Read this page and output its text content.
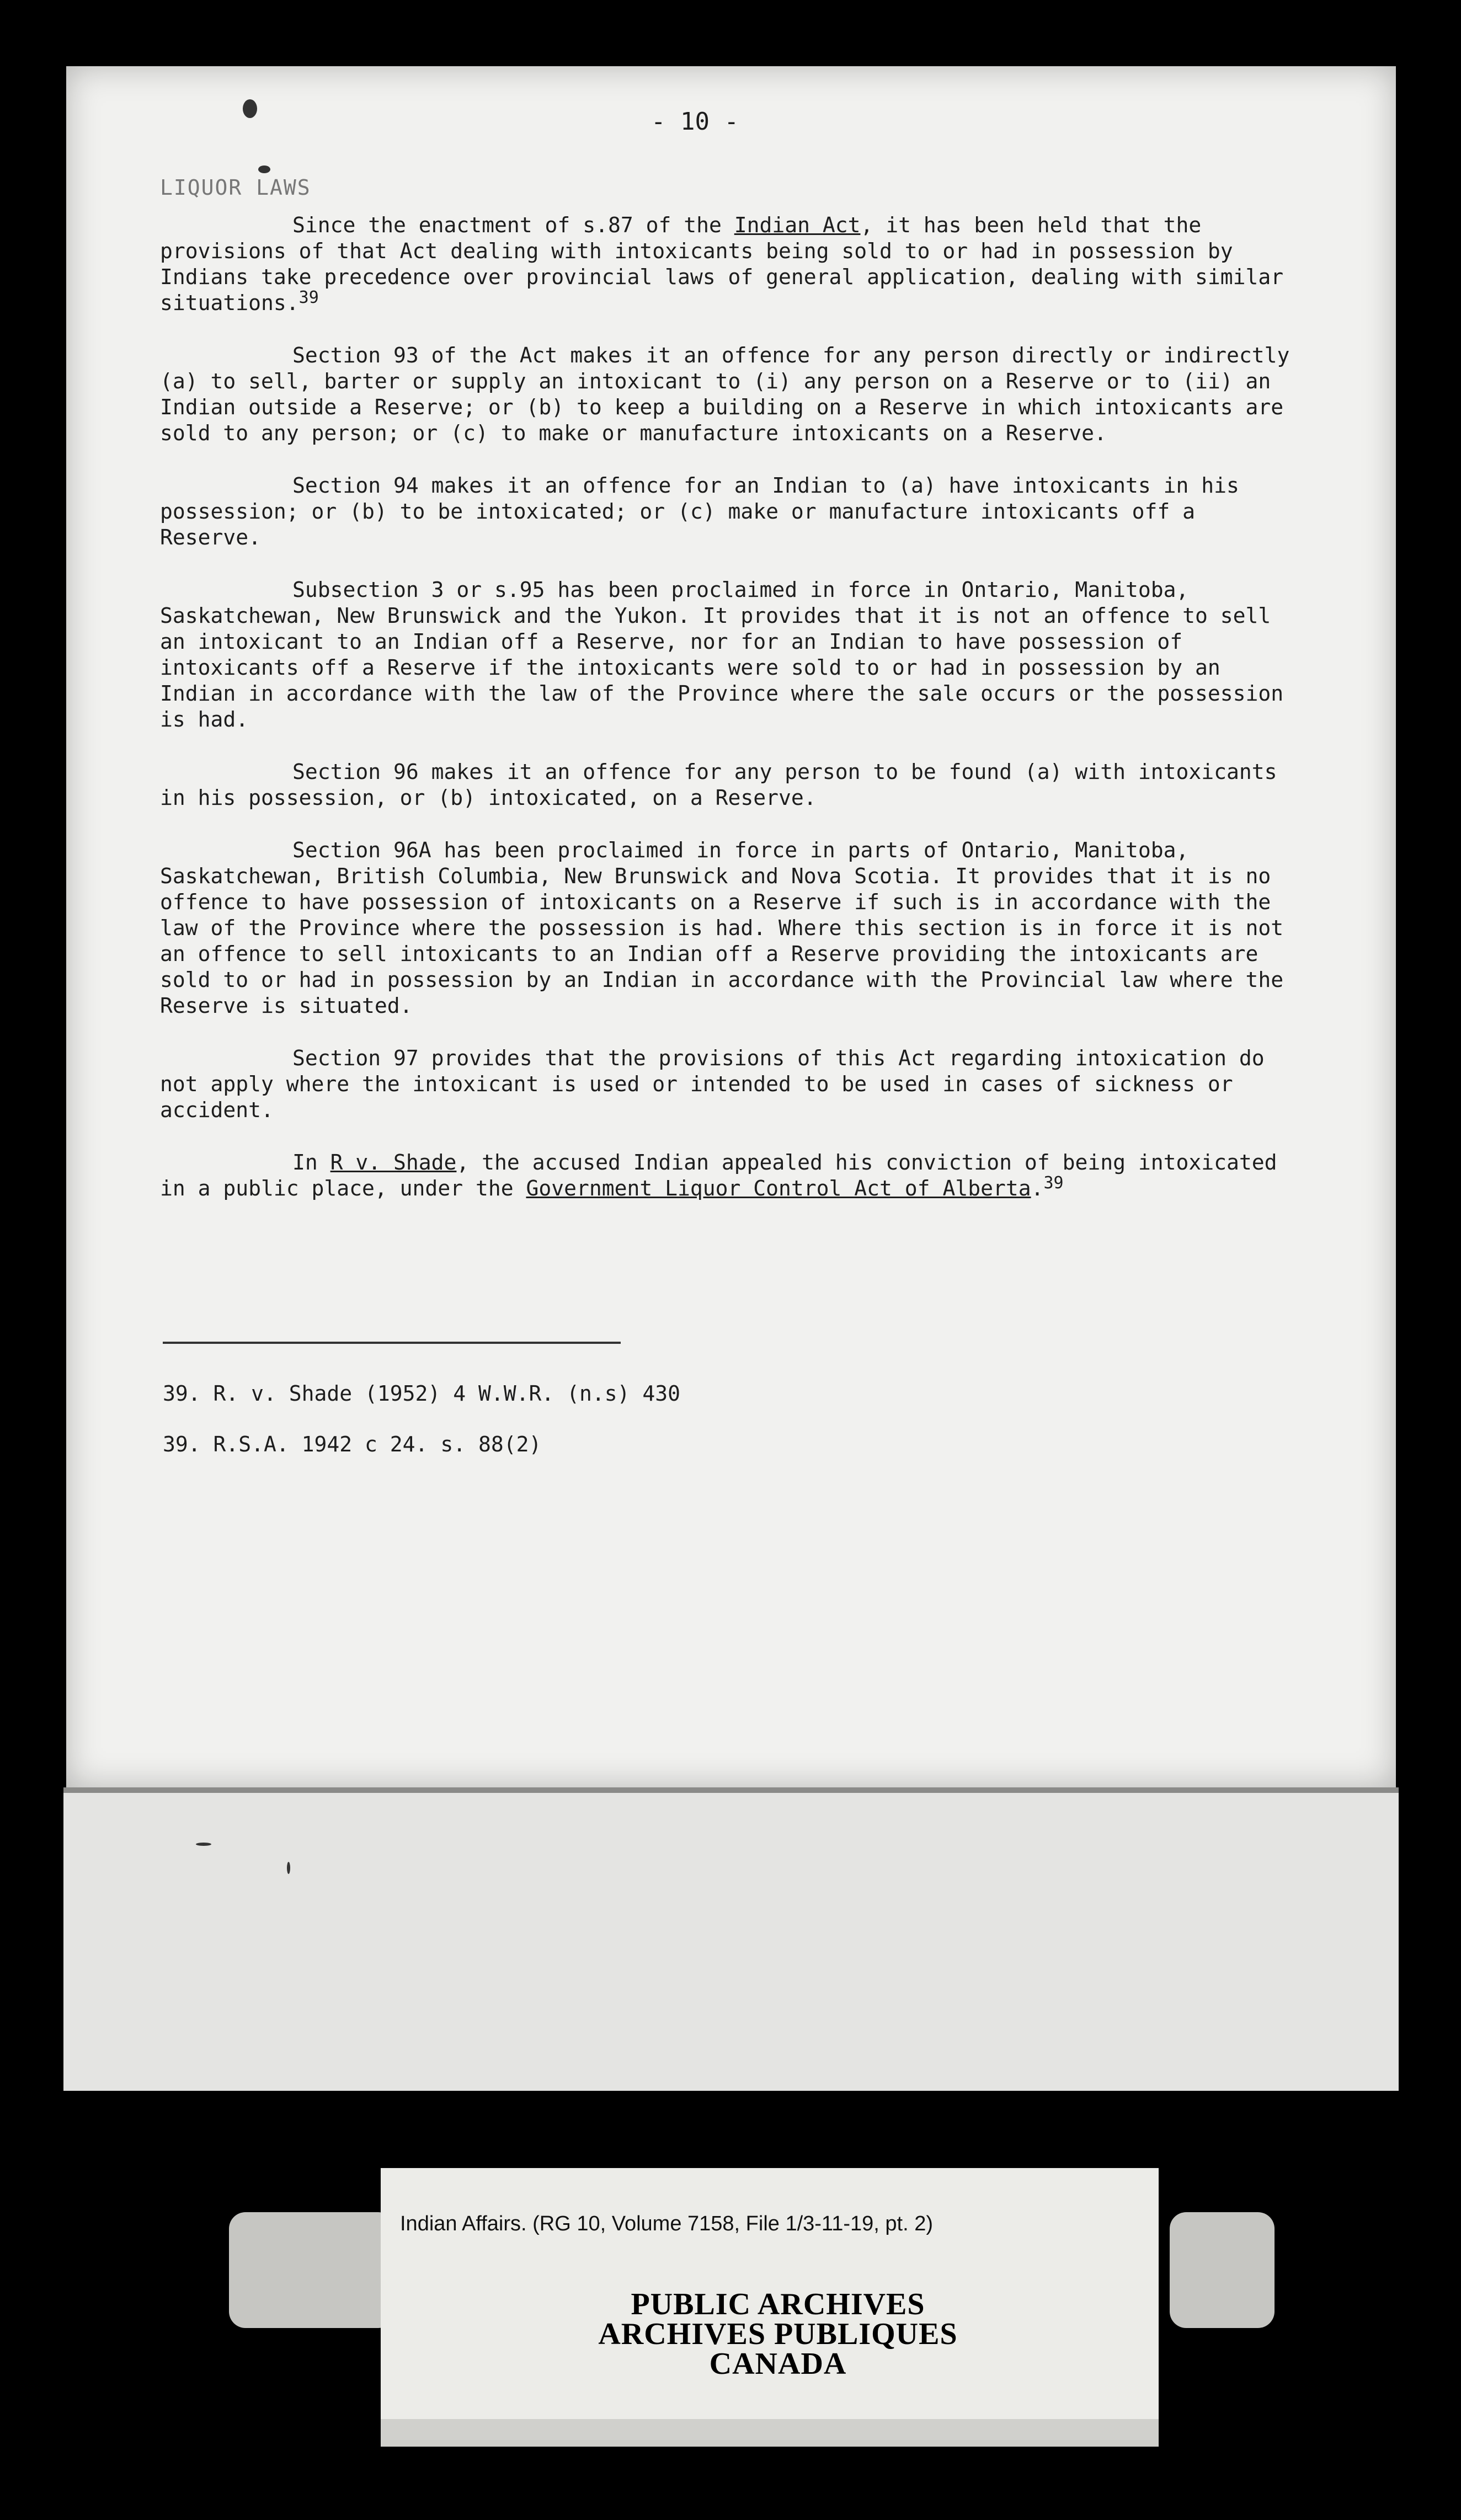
- 10 -
LIQUOR LAWS

Since the enactment of s.87 of the Indian Act, it has been held that the provisions of that Act dealing with intoxicants being sold to or had in possession by Indians take precedence over provincial laws of general application, dealing with similar situations.$^{39}$

Section 93 of the Act makes it an offence for any person directly or indirectly (a) to sell, barter or supply an intoxicant to (i) any person on a Reserve or to (ii) an Indian outside a Reserve; or (b) to keep a building on a Reserve in which intoxicants are sold to any person; or (c) to make or manufacture intoxicants on a Reserve.

Section 94 makes it an offence for an Indian to (a) have intoxicants in his possession; or (b) to be intoxicated; or (c) make or manufacture intoxicants off a Reserve.

Subsection 3 or s.95 has been proclaimed in force in Ontario, Manitoba, Saskatchewan, New Brunswick and the Yukon. It provides that it is not an offence to sell an intoxicant to an Indian off a Reserve, nor for an Indian to have possession of intoxicants off a Reserve if the intoxicants were sold to or had in possession by an Indian in accordance with the law of the Province where the sale occurs or the possession is had.

Section 96 makes it an offence for any person to be found (a) with intoxicants in his possession, or (b) intoxicated, on a Reserve.

Section 96A has been proclaimed in force in parts of Ontario, Manitoba, Saskatchewan, British Columbia, New Brunswick and Nova Scotia. It provides that it is no offence to have possession of intoxicants on a Reserve if such is in accordance with the law of the Province where the possession is had. Where this section is in force it is not an offence to sell intoxicants to an Indian off a Reserve providing the intoxicants are sold to or had in possession by an Indian in accordance with the Provincial law where the Reserve is situated.

Section 97 provides that the provisions of this Act regarding intoxication do not apply where the intoxicant is used or intended to be used in cases of sickness or accident.

In R v. Shade, the accused Indian appealed his conviction of being intoxicated in a public place, under the Government Liquor Control Act of Alberta.$^{39}$

39. R. v. Shade (1952) 4 W.W.R. (n.s) 430
39. R.S.A. 1942 c 24. s. 88(2)
Indian Affairs. (RG 10, Volume 7158, File 1/3-11-19, pt. 2)
PUBLIC ARCHIVES
ARCHIVES PUBLIQUES
CANADA
